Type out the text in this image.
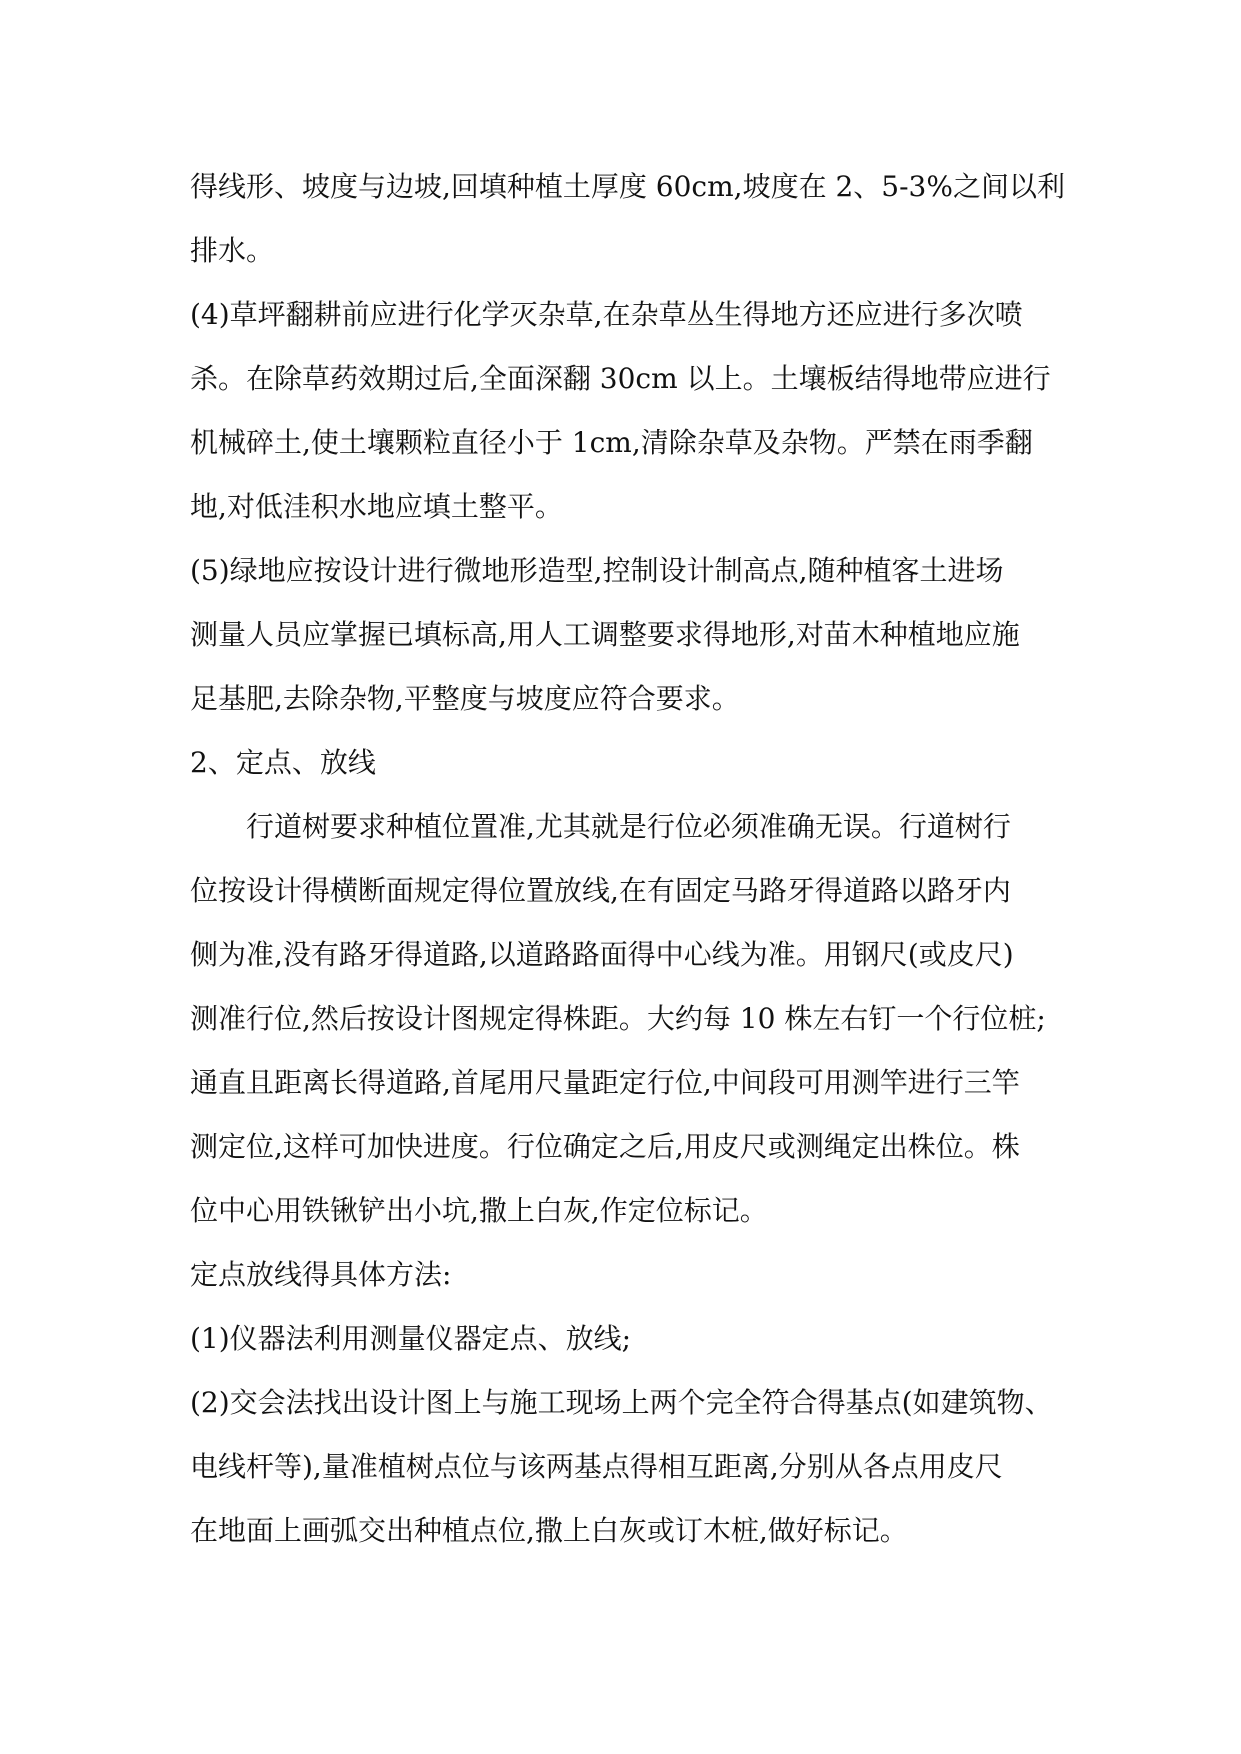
得线形、坡度与边坡,回填种植土厚度 60cm,坡度在 2、5-3%之间以利
排水。
(4)草坪翻耕前应进行化学灭杂草,在杂草丛生得地方还应进行多次喷
杀。在除草药效期过后,全面深翻 30cm 以上。土壤板结得地带应进行
机械碎土,使土壤颗粒直径小于 1cm,清除杂草及杂物。严禁在雨季翻
地,对低洼积水地应填土整平。
(5)绿地应按设计进行微地形造型,控制设计制高点,随种植客土进场
测量人员应掌握已填标高,用人工调整要求得地形,对苗木种植地应施
足基肥,去除杂物,平整度与坡度应符合要求。
2、定点、放线
行道树要求种植位置准,尤其就是行位必须准确无误。行道树行
位按设计得横断面规定得位置放线,在有固定马路牙得道路以路牙内
侧为准,没有路牙得道路,以道路路面得中心线为准。用钢尺(或皮尺)
测准行位,然后按设计图规定得株距。大约每 10 株左右钉一个行位桩;
通直且距离长得道路,首尾用尺量距定行位,中间段可用测竿进行三竿
测定位,这样可加快进度。行位确定之后,用皮尺或测绳定出株位。株
位中心用铁锹铲出小坑,撒上白灰,作定位标记。
定点放线得具体方法:
(1)仪器法利用测量仪器定点、放线;
(2)交会法找出设计图上与施工现场上两个完全符合得基点(如建筑物、
电线杆等),量准植树点位与该两基点得相互距离,分别从各点用皮尺
在地面上画弧交出种植点位,撒上白灰或订木桩,做好标记。
